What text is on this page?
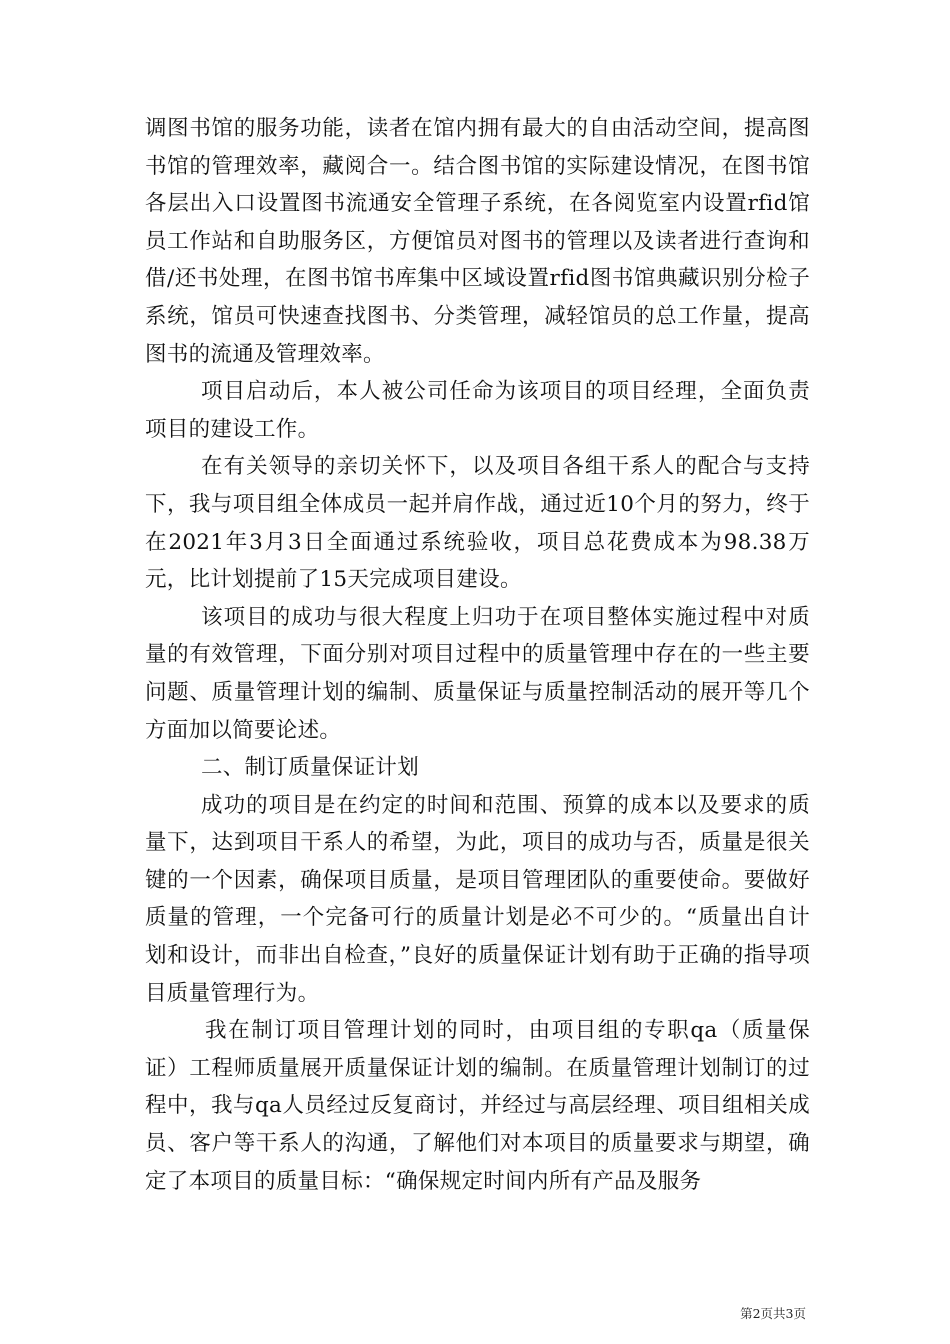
调图书馆的服务功能，读者在馆内拥有最大的自由活动空间，提高图书馆的管理效率，藏阅合一。结合图书馆的实际建设情况，在图书馆各层出入口设置图书流通安全管理子系统，在各阅览室内设置rfid馆员工作站和自助服务区，方便馆员对图书的管理以及读者进行查询和借/还书处理，在图书馆书库集中区域设置rfid图书馆典藏识别分检子系统，馆员可快速查找图书、分类管理，减轻馆员的总工作量，提高图书的流通及管理效率。

项目启动后，本人被公司任命为该项目的项目经理，全面负责项目的建设工作。

在有关领导的亲切关怀下，以及项目各组干系人的配合与支持下，我与项目组全体成员一起并肩作战，通过近10个月的努力，终于在2021年3月3日全面通过系统验收，项目总花费成本为98.38万元，比计划提前了15天完成项目建设。

该项目的成功与很大程度上归功于在项目整体实施过程中对质量的有效管理，下面分别对项目过程中的质量管理中存在的一些主要问题、质量管理计划的编制、质量保证与质量控制活动的展开等几个方面加以简要论述。

二、制订质量保证计划

成功的项目是在约定的时间和范围、预算的成本以及要求的质量下，达到项目干系人的希望，为此，项目的成功与否，质量是很关键的一个因素，确保项目质量，是项目管理团队的重要使命。要做好质量的管理，一个完备可行的质量计划是必不可少的。“质量出自计划和设计，而非出自检查，”良好的质量保证计划有助于正确的指导项目质量管理行为。

我在制订项目管理计划的同时，由项目组的专职qa（质量保证）工程师质量展开质量保证计划的编制。在质量管理计划制订的过程中，我与qa人员经过反复商讨，并经过与高层经理、项目组相关成员、客户等干系人的沟通，了解他们对本项目的质量要求与期望，确定了本项目的质量目标：“确保规定时间内所有产品及服务

第2页共3页
